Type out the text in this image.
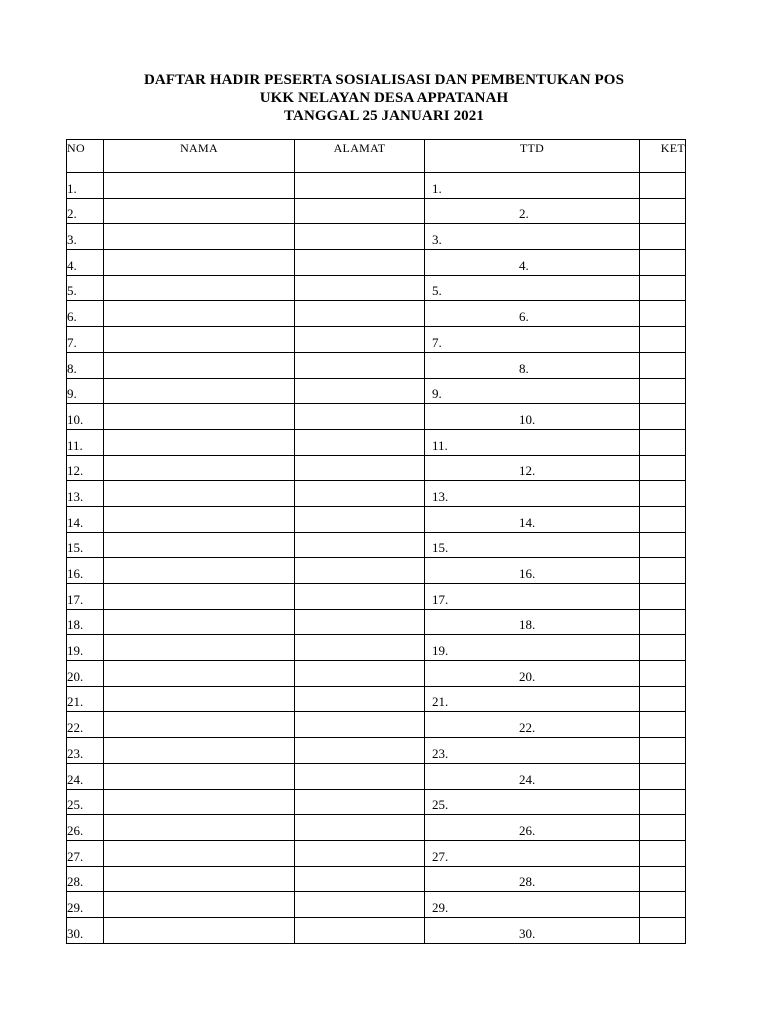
DAFTAR HADIR PESERTA SOSIALISASI DAN PEMBENTUKAN POS
UKK NELAYAN DESA APPATANAH
TANGGAL 25 JANUARI 2021
NO	NAMA	ALAMAT	TTD	KET
1.			1.	
2.			2.	
3.			3.	
4.			4.	
5.			5.	
6.			6.	
7.			7.	
8.			8.	
9.			9.	
10.			10.	
11.			11.	
12.			12.	
13.			13.	
14.			14.	
15.			15.	
16.			16.	
17.			17.	
18.			18.	
19.			19.	
20.			20.	
21.			21.	
22.			22.	
23.			23.	
24.			24.	
25.			25.	
26.			26.	
27.			27.	
28.			28.	
29.			29.	
30.			30.	
